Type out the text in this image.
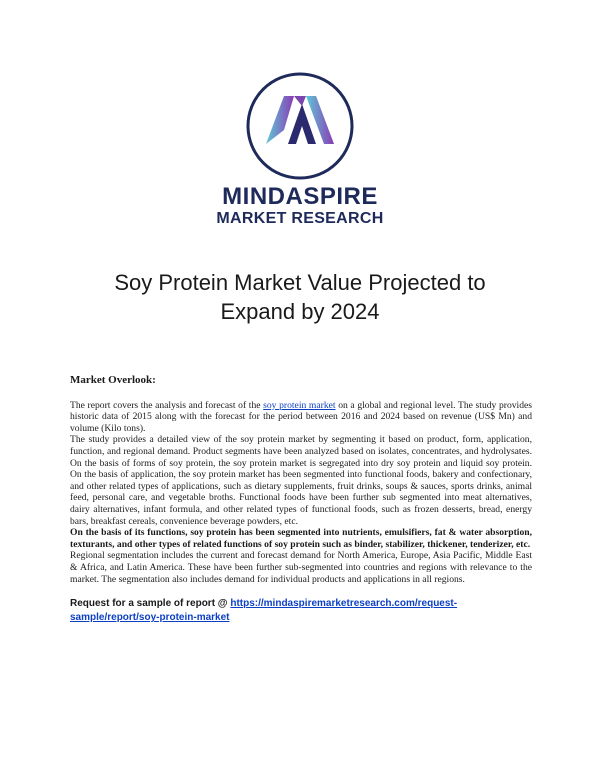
MINDASPIRE
MARKET RESEARCH
Soy Protein Market Value Projected to
Expand by 2024
Market Overlook:

The report covers the analysis and forecast of the soy protein market on a global and regional level. The study provides historic data of 2015 along with the forecast for the period between 2016 and 2024 based on revenue (US$ Mn) and volume (Kilo tons).

The study provides a detailed view of the soy protein market by segmenting it based on product, form, application, function, and regional demand. Product segments have been analyzed based on isolates, concentrates, and hydrolysates. On the basis of forms of soy protein, the soy protein market is segregated into dry soy protein and liquid soy protein. On the basis of application, the soy protein market has been segmented into functional foods, bakery and confectionary, and other related types of applications, such as dietary supplements, fruit drinks, soups & sauces, sports drinks, animal feed, personal care, and vegetable broths. Functional foods have been further sub segmented into meat alternatives, dairy alternatives, infant formula, and other related types of functional foods, such as frozen desserts, bread, energy bars, breakfast cereals, convenience beverage powders, etc.

On the basis of its functions, soy protein has been segmented into nutrients, emulsifiers, fat & water absorption, texturants, and other types of related functions of soy protein such as binder, stabilizer, thickener, tenderizer, etc.

Regional segmentation includes the current and forecast demand for North America, Europe, Asia Pacific, Middle East & Africa, and Latin America. These have been further sub-segmented into countries and regions with relevance to the market. The segmentation also includes demand for individual products and applications in all regions.

Request for a sample of report @ https://mindaspiremarketresearch.com/request-sample/report/soy-protein-market
